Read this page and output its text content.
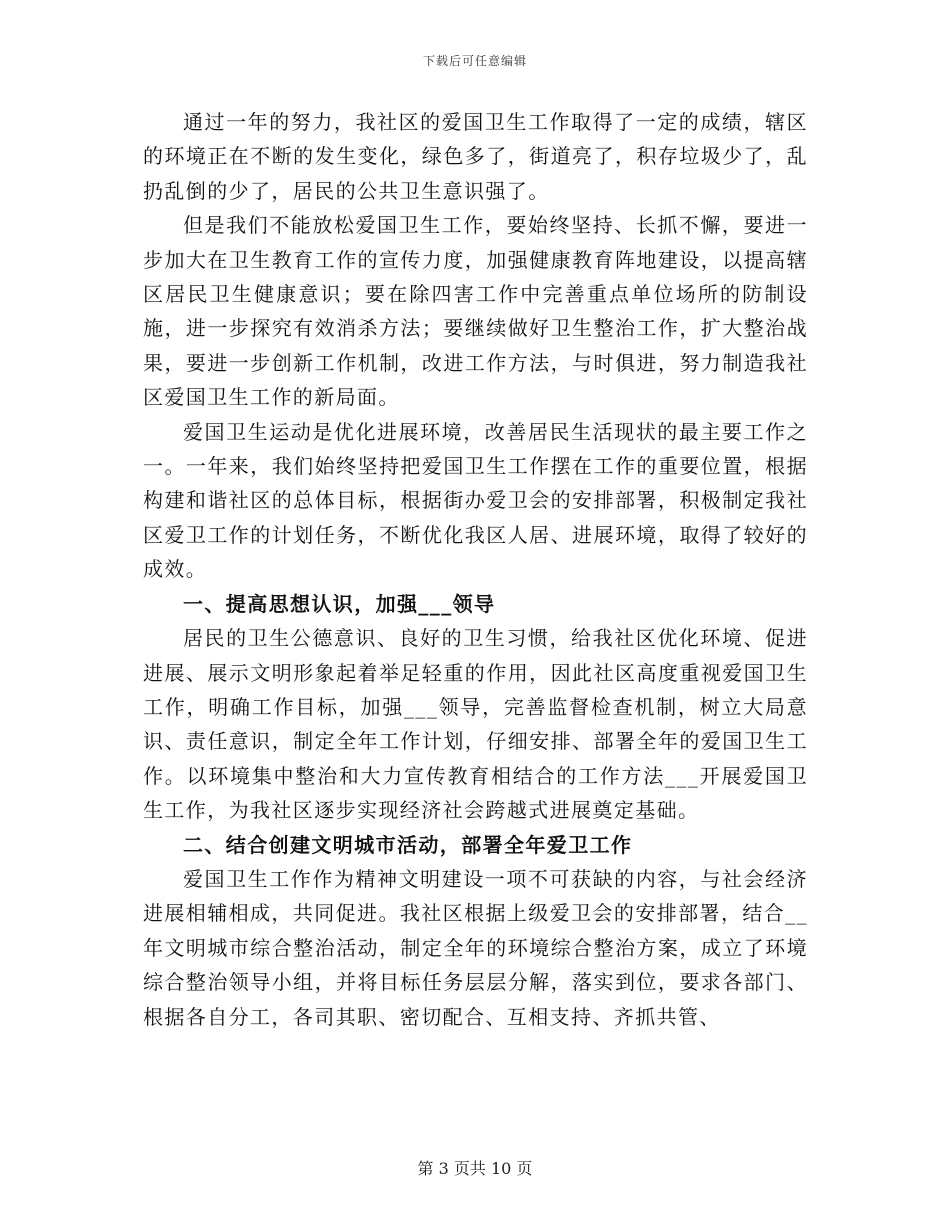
下载后可任意编辑

通过一年的努力，我社区的爱国卫生工作取得了一定的成绩，辖区的环境正在不断的发生变化，绿色多了，街道亮了，积存垃圾少了，乱扔乱倒的少了，居民的公共卫生意识强了。

但是我们不能放松爱国卫生工作，要始终坚持、长抓不懈，要进一步加大在卫生教育工作的宣传力度，加强健康教育阵地建设，以提高辖区居民卫生健康意识；要在除四害工作中完善重点单位场所的防制设施，进一步探究有效消杀方法；要继续做好卫生整治工作，扩大整治战果，要进一步创新工作机制，改进工作方法，与时俱进，努力制造我社区爱国卫生工作的新局面。

爱国卫生运动是优化进展环境，改善居民生活现状的最主要工作之一。一年来，我们始终坚持把爱国卫生工作摆在工作的重要位置，根据构建和谐社区的总体目标，根据街办爱卫会的安排部署，积极制定我社区爱卫工作的计划任务，不断优化我区人居、进展环境，取得了较好的成效。

一、提高思想认识，加强___领导

居民的卫生公德意识、良好的卫生习惯，给我社区优化环境、促进进展、展示文明形象起着举足轻重的作用，因此社区高度重视爱国卫生工作，明确工作目标，加强___领导，完善监督检查机制，树立大局意识、责任意识，制定全年工作计划，仔细安排、部署全年的爱国卫生工作。以环境集中整治和大力宣传教育相结合的工作方法___开展爱国卫生工作，为我社区逐步实现经济社会跨越式进展奠定基础。

二、结合创建文明城市活动，部署全年爱卫工作

爱国卫生工作作为精神文明建设一项不可获缺的内容，与社会经济进展相辅相成，共同促进。我社区根据上级爱卫会的安排部署，结合__年文明城市综合整治活动，制定全年的环境综合整治方案，成立了环境综合整治领导小组，并将目标任务层层分解，落实到位，要求各部门、根据各自分工，各司其职、密切配合、互相支持、齐抓共管、

第 3 页共 10 页
